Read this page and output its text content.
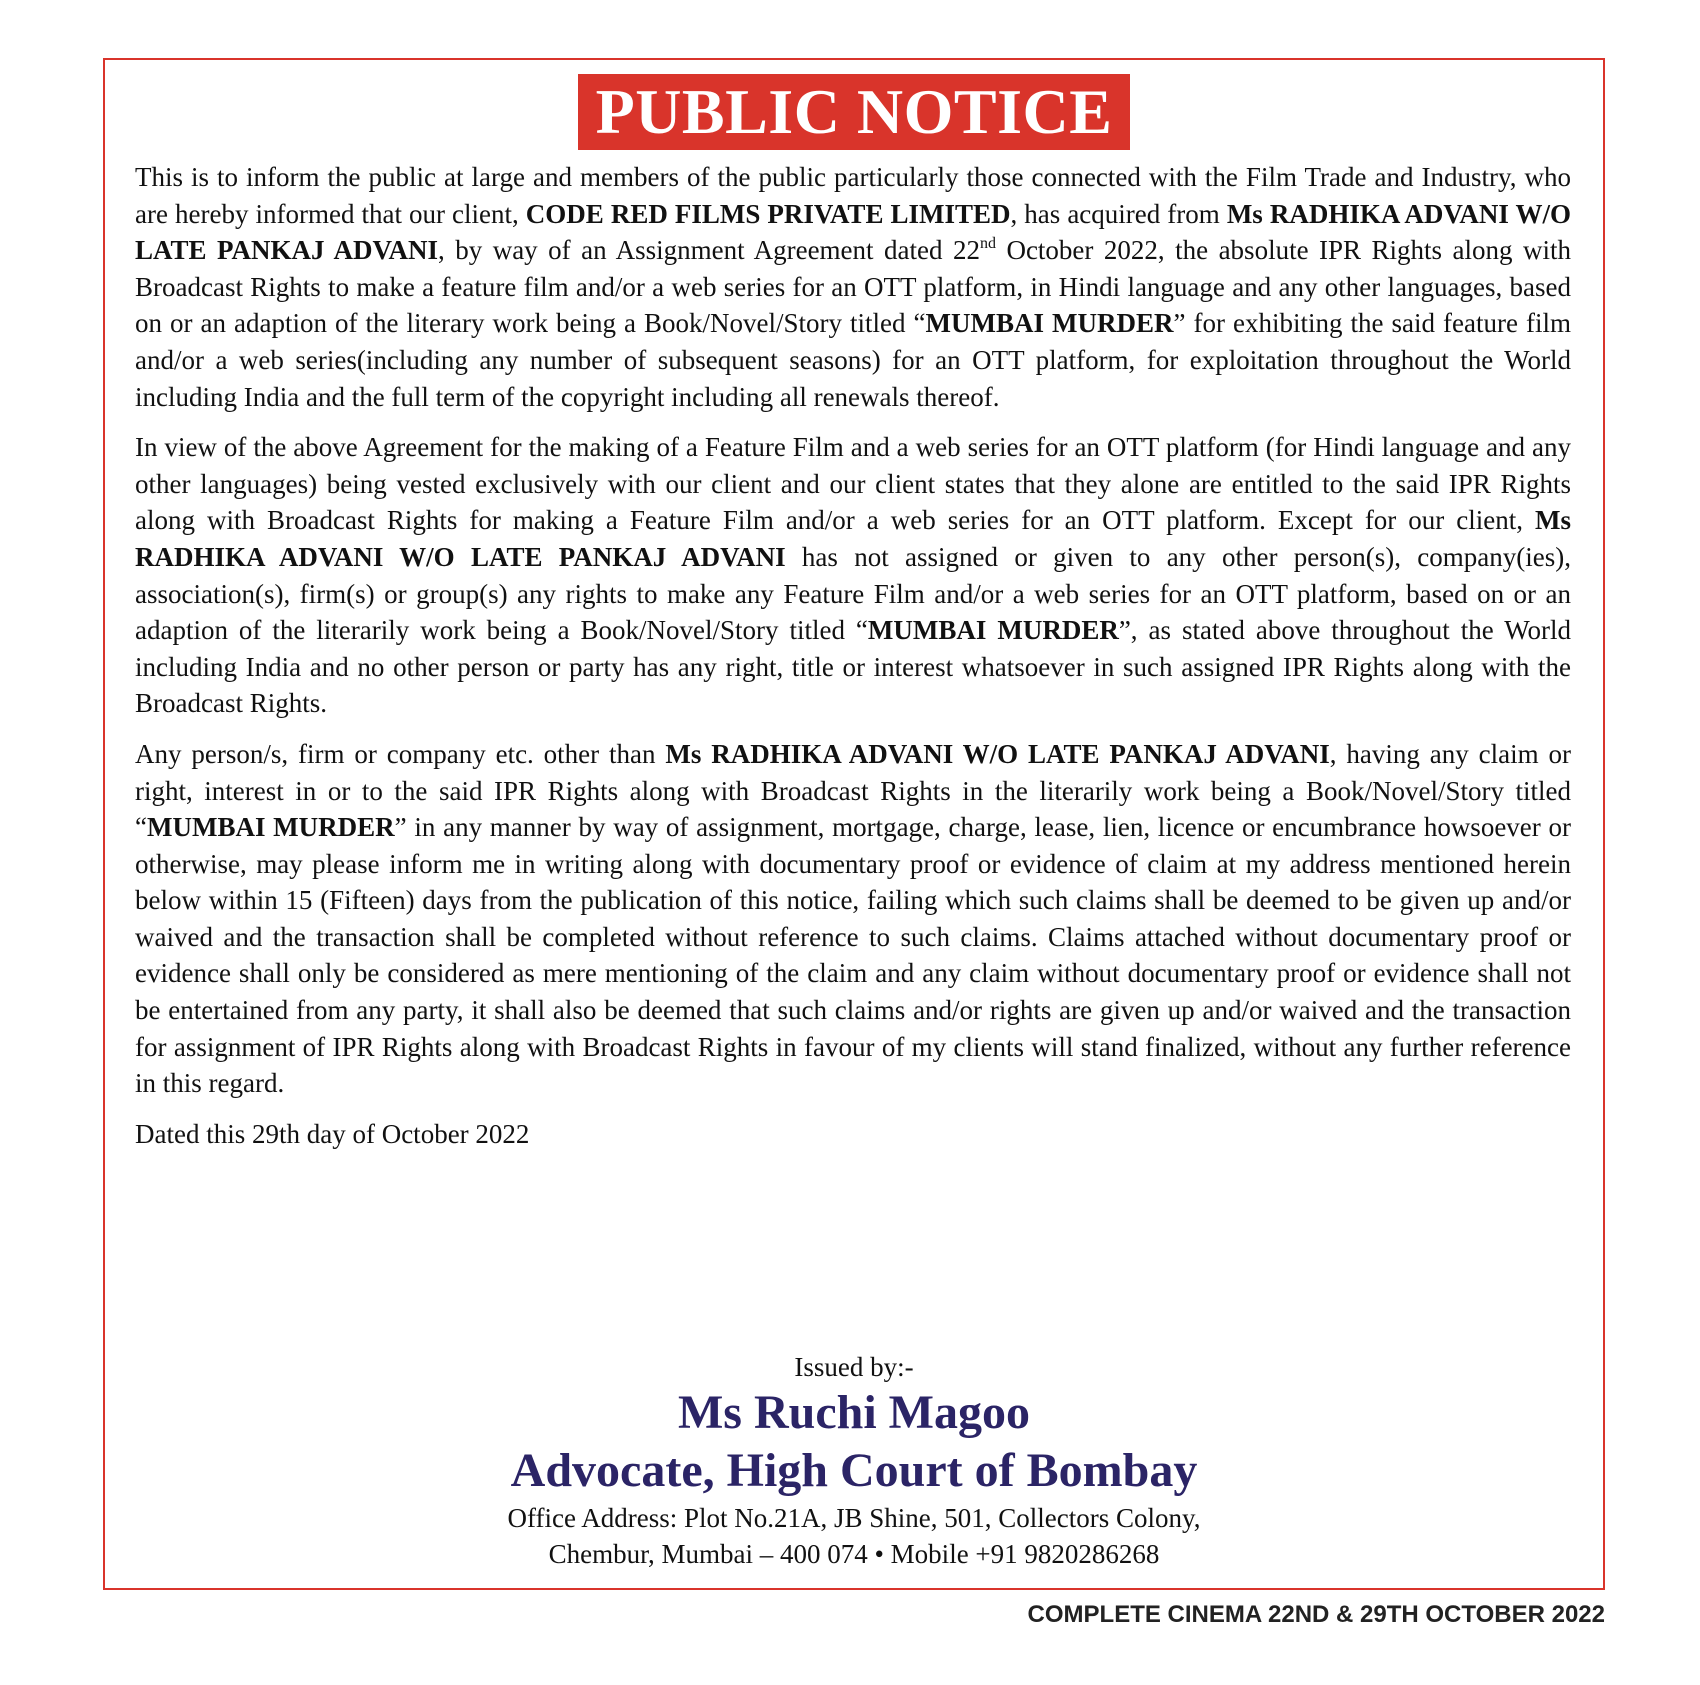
PUBLIC NOTICE

This is to inform the public at large and members of the public particularly those connected with the Film Trade and Industry, who are hereby informed that our client, CODE RED FILMS PRIVATE LIMITED, has acquired from Ms RADHIKA ADVANI W/O LATE PANKAJ ADVANI, by way of an Assignment Agreement dated 22nd October 2022, the absolute IPR Rights along with Broadcast Rights to make a feature film and/or a web series for an OTT platform, in Hindi language and any other languages, based on or an adaption of the literary work being a Book/Novel/Story titled “MUMBAI MURDER” for exhibiting the said feature film and/or a web series(including any number of subsequent seasons) for an OTT platform, for exploitation throughout the World including India and the full term of the copyright including all renewals thereof.

In view of the above Agreement for the making of a Feature Film and a web series for an OTT platform (for Hindi language and any other languages) being vested exclusively with our client and our client states that they alone are entitled to the said IPR Rights along with Broadcast Rights for making a Feature Film and/or a web series for an OTT platform. Except for our client, Ms RADHIKA ADVANI W/O LATE PANKAJ ADVANI has not assigned or given to any other person(s), company(ies), association(s), firm(s) or group(s) any rights to make any Feature Film and/or a web series for an OTT platform, based on or an adaption of the literarily work being a Book/Novel/Story titled “MUMBAI MURDER”, as stated above throughout the World including India and no other person or party has any right, title or interest whatsoever in such assigned IPR Rights along with the Broadcast Rights.

Any person/s, firm or company etc. other than Ms RADHIKA ADVANI W/O LATE PANKAJ ADVANI, having any claim or right, interest in or to the said IPR Rights along with Broadcast Rights in the literarily work being a Book/Novel/Story titled “MUMBAI MURDER” in any manner by way of assignment, mortgage, charge, lease, lien, licence or encumbrance howsoever or otherwise, may please inform me in writing along with documentary proof or evidence of claim at my address mentioned herein below within 15 (Fifteen) days from the publication of this notice, failing which such claims shall be deemed to be given up and/or waived and the transaction shall be completed without reference to such claims. Claims attached without documentary proof or evidence shall only be considered as mere mentioning of the claim and any claim without documentary proof or evidence shall not be entertained from any party, it shall also be deemed that such claims and/or rights are given up and/or waived and the transaction for assignment of IPR Rights along with Broadcast Rights in favour of my clients will stand finalized, without any further reference in this regard.

Dated this 29th day of October 2022

Issued by:-
Ms Ruchi Magoo
Advocate, High Court of Bombay
Office Address: Plot No.21A, JB Shine, 501, Collectors Colony,
Chembur, Mumbai – 400 074 • Mobile +91 9820286268
COMPLETE CINEMA 22ND & 29TH OCTOBER 2022
